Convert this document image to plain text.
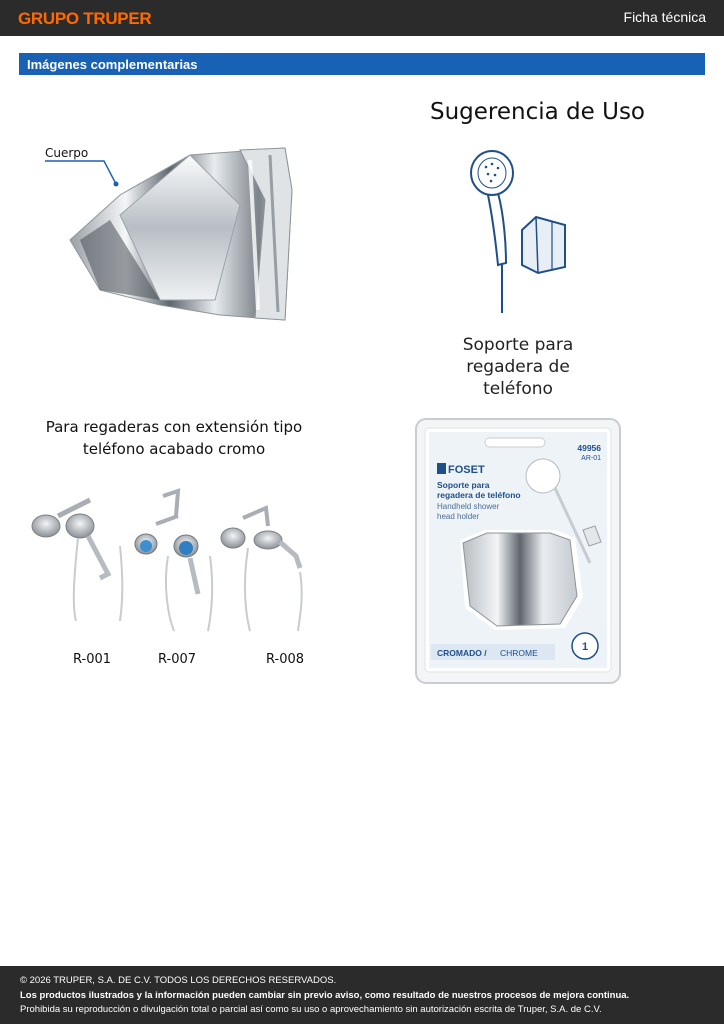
GRUPO TRUPER	Ficha técnica
Imágenes complementarias
Cuerpo
Sugerencia de Uso
Soporte para
regadera de teléfono
Para regaderas con extensión tipo
teléfono acabado cromo
R-001	R-007	R-008
49956
AR-01
FOSET
Soporte para
regadera de teléfono
Handheld shower
head holder
CROMADO / CHROME	1
© 2026 TRUPER, S.A. DE C.V. TODOS LOS DERECHOS RESERVADOS.
Los productos ilustrados y la información pueden cambiar sin previo aviso, como resultado de nuestros procesos de mejora continua.
Prohibida su reproducción o divulgación total o parcial así como su uso o aprovechamiento sin autorización escrita de Truper, S.A. de C.V.
